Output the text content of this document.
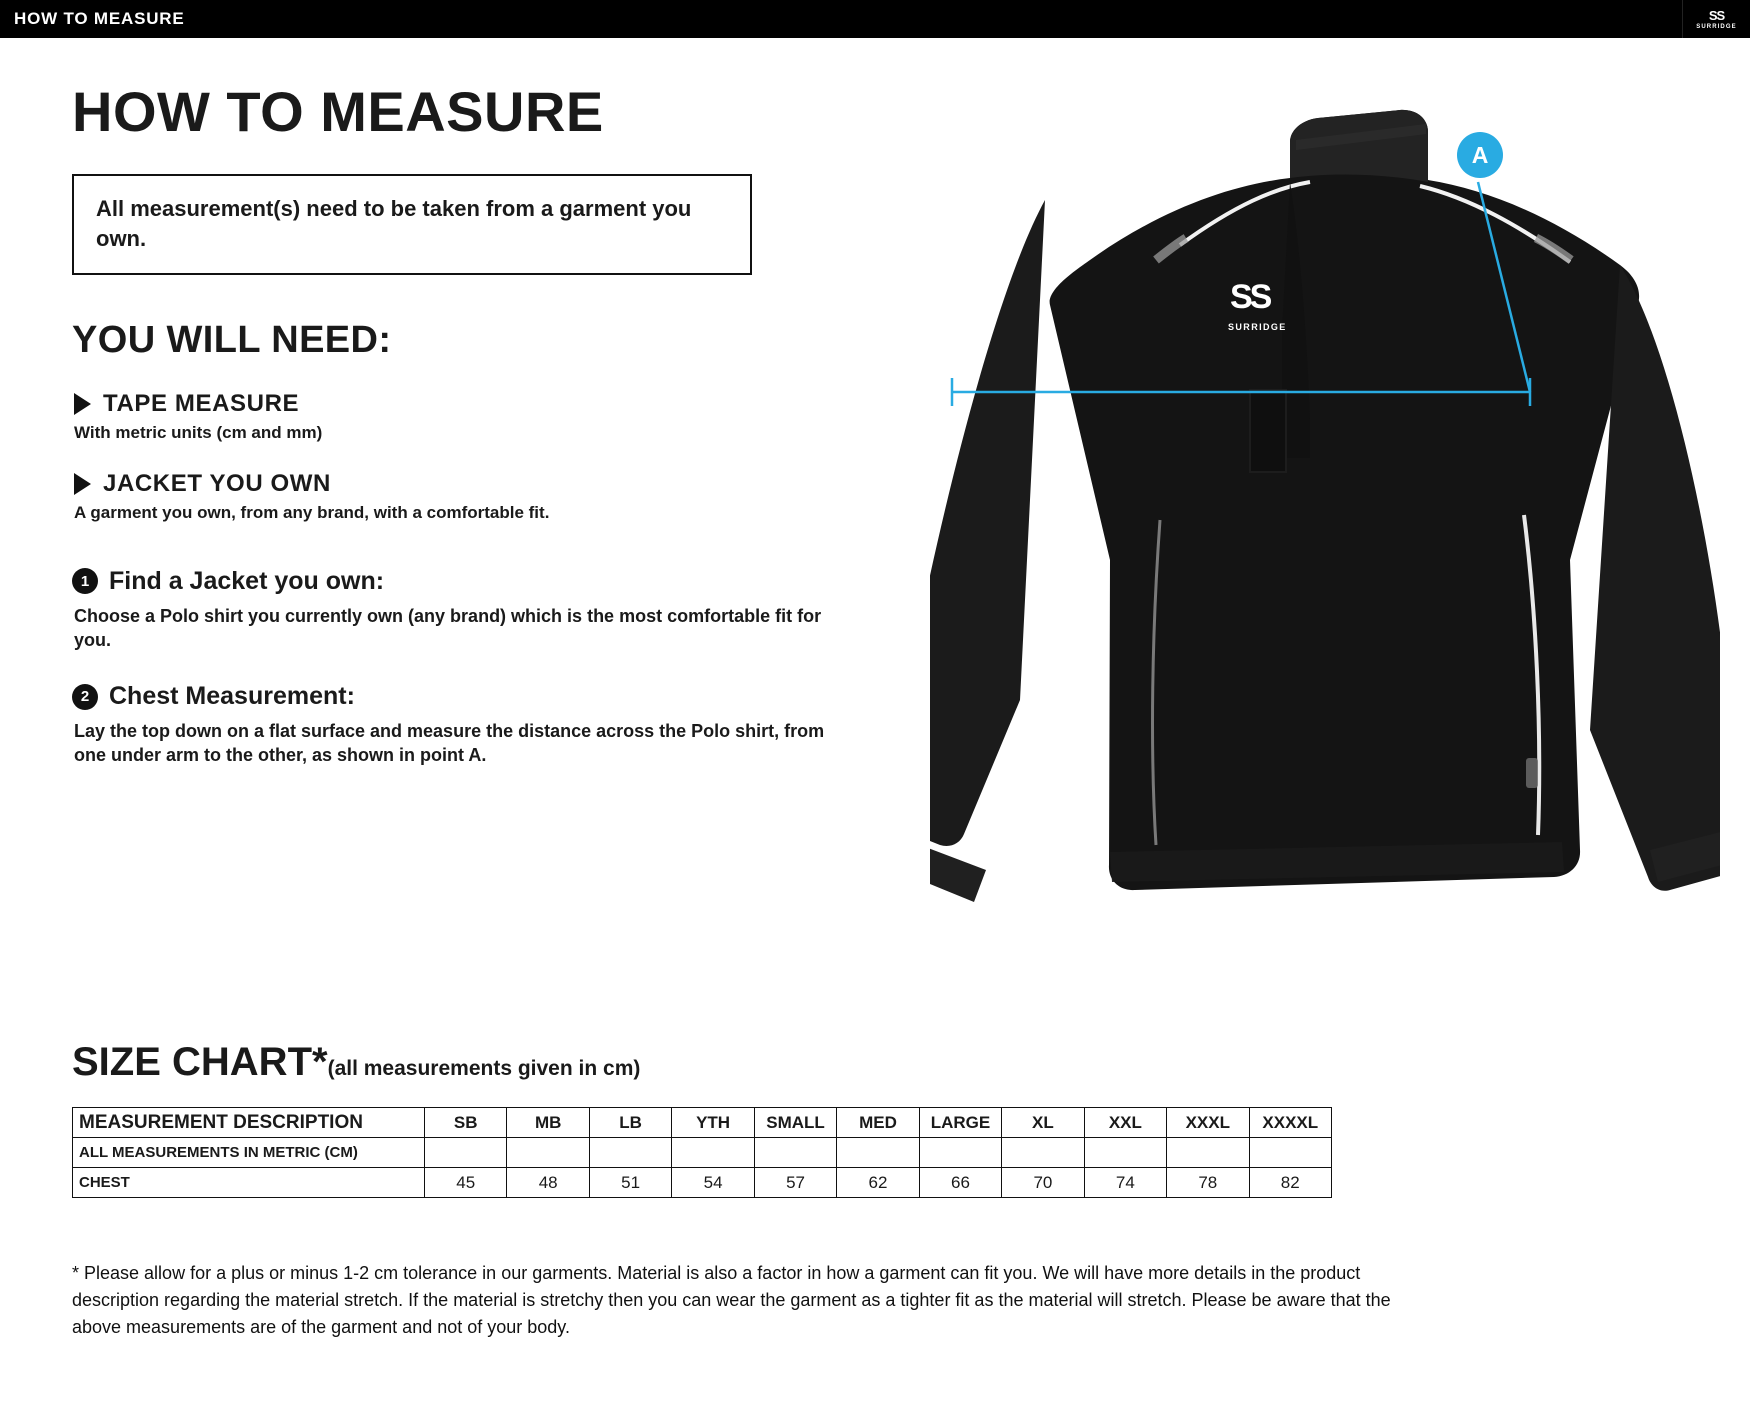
HOW TO MEASURE	SS
SURRIDGE
HOW TO MEASURE

All measurement(s) need to be taken from a garment you own.

YOU WILL NEED:
TAPE MEASURE
With metric units (cm and mm)
JACKET YOU OWN
A garment you own, from any brand, with a comfortable fit.
1 Find a Jacket you own:
Choose a Polo shirt you currently own (any brand) which is the most comfortable fit for you.
2 Chest Measurement:
Lay the top down on a flat surface and measure the distance across the Polo shirt, from one under arm to the other, as shown in point A.
SIZE CHART*(all measurements given in cm)
MEASUREMENT DESCRIPTION	SB	MB	LB	YTH	SMALL	MED	LARGE	XL	XXL	XXXL	XXXXL
ALL MEASUREMENTS IN METRIC (CM)											
CHEST	45	48	51	54	57	62	66	70	74	78	82
* Please allow for a plus or minus 1-2 cm tolerance in our garments. Material is also a factor in how a garment can fit you. We will have more details in the product description regarding the material stretch. If the material is stretchy then you can wear the garment as a tighter fit as the material will stretch. Please be aware that the above measurements are of the garment and not of your body.
SS
SURRIDGE
A
